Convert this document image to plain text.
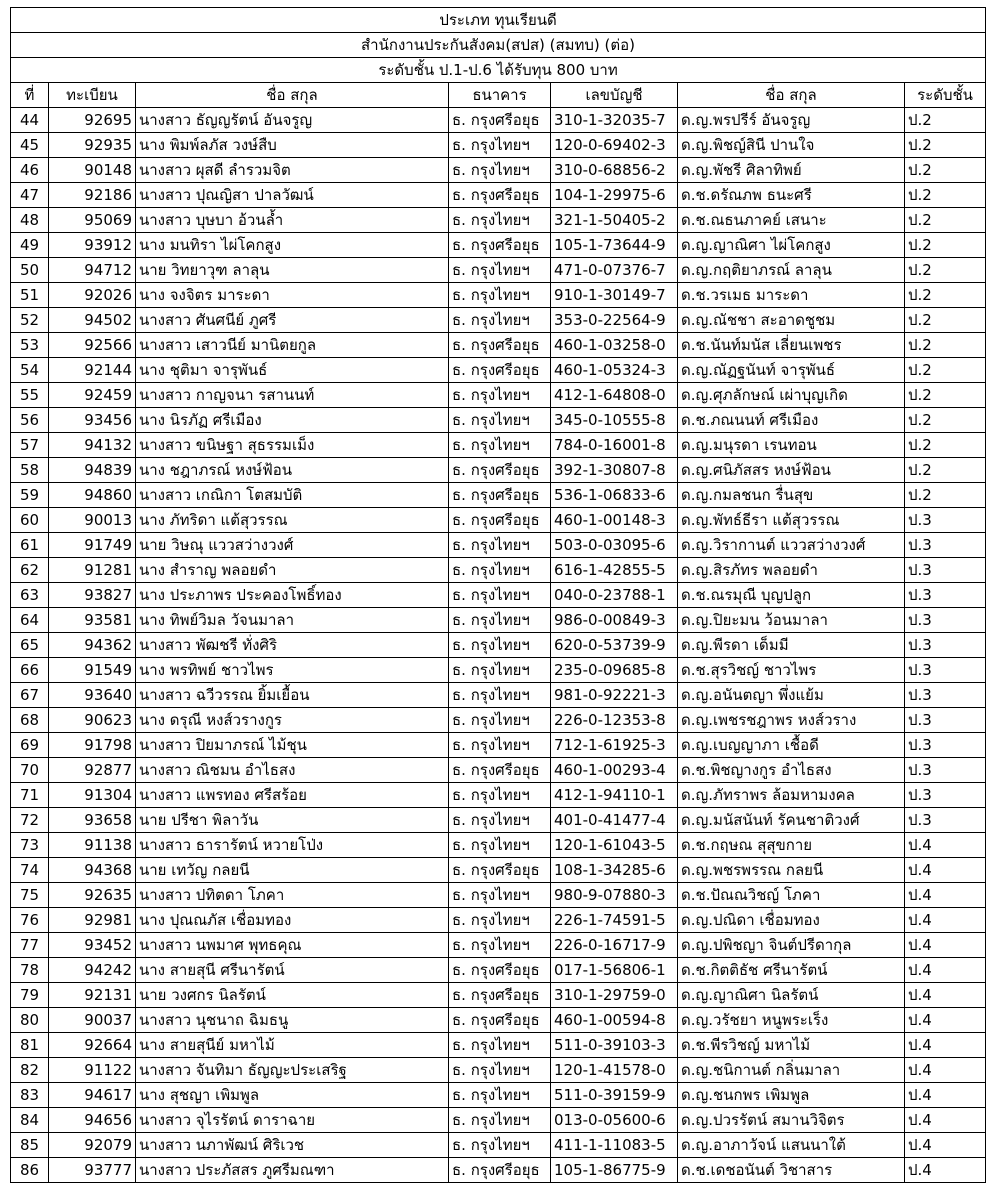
ประเภท ทุนเรียนดี						
สำนักงานประกันสังคม(สปส) (สมทบ) (ต่อ)						
ระดับชั้น ป.1-ป.6 ได้รับทุน 800 บาท						
ที่	ทะเบียน	ชื่อ สกุล	ธนาคาร	เลขบัญชี	ชื่อ สกุล	ระดับชั้น
44	92695	นางสาว ธัญญรัตน์ อันจรูญ	ธ. กรุงศรีอยุธ	310-1-32035-7	ด.ญ.พรปรีร์ อันจรูญ	ป.2
45	92935	นาง พิมพ์ลภัส วงษ์สืบ	ธ. กรุงไทยฯ	120-0-69402-3	ด.ญ.พิชญ์สินี ปานใจ	ป.2
46	90148	นางสาว ผุสดี ลำรวมจิต	ธ. กรุงไทยฯ	310-0-68856-2	ด.ญ.พัชรี ศิลาทิพย์	ป.2
47	92186	นางสาว ปุณญิสา ปาลวัฒน์	ธ. กรุงศรีอยุธ	104-1-29975-6	ด.ช.ดรัณภพ ธนะศรี	ป.2
48	95069	นางสาว บุษบา อ้วนล้ำ	ธ. กรุงไทยฯ	321-1-50405-2	ด.ช.ณธนภาคย์ เสนาะ	ป.2
49	93912	นาง มนทิรา ไผ่โคกสูง	ธ. กรุงศรีอยุธ	105-1-73644-9	ด.ญ.ญาณิศา ไผ่โคกสูง	ป.2
50	94712	นาย วิทยาวุฑ ลาลุน	ธ. กรุงไทยฯ	471-0-07376-7	ด.ญ.กฤติยาภรณ์ ลาลุน	ป.2
51	92026	นาง จงจิตร มาระดา	ธ. กรุงไทยฯ	910-1-30149-7	ด.ช.วรเมธ มาระดา	ป.2
52	94502	นางสาว ศันศนีย์ ภูศรี	ธ. กรุงไทยฯ	353-0-22564-9	ด.ญ.ณัชชา สะอาดชูชม	ป.2
53	92566	นางสาว เสาวนีย์ มานิตยกูล	ธ. กรุงศรีอยุธ	460-1-03258-0	ด.ช.นันท์มนัส เลี่ยนเพชร	ป.2
54	92144	นาง ชุติมา จารุพันธ์	ธ. กรุงศรีอยุธ	460-1-05324-3	ด.ญ.ณัฏฐนันท์ จารุพันธ์	ป.2
55	92459	นางสาว กาญจนา รสานนท์	ธ. กรุงไทยฯ	412-1-64808-0	ด.ญ.ศุภลักษณ์ เผ่าบุญเกิด	ป.2
56	93456	นาง นิรภัฏ ศรีเมือง	ธ. กรุงไทยฯ	345-0-10555-8	ด.ช.ภณนนท์ ศรีเมือง	ป.2
57	94132	นางสาว ขนิษฐา สุธรรมเม็ง	ธ. กรุงไทยฯ	784-0-16001-8	ด.ญ.มนุรดา เรนทอน	ป.2
58	94839	นาง ชฎาภรณ์ หงษ์ฟ้อน	ธ. กรุงศรีอยุธ	392-1-30807-8	ด.ญ.ศนิภัสสร หงษ์ฟ้อน	ป.2
59	94860	นางสาว เกณิกา โตสมบัติ	ธ. กรุงศรีอยุธ	536-1-06833-6	ด.ญ.กมลชนก รื่นสุข	ป.2
60	90013	นาง ภัทริดา แต้สุวรรณ	ธ. กรุงศรีอยุธ	460-1-00148-3	ด.ญ.พัทธ์ธีรา แต้สุวรรณ	ป.3
61	91749	นาย วิษณุ แววสว่างวงศ์	ธ. กรุงไทยฯ	503-0-03095-6	ด.ญ.วิรากานต์ แววสว่างวงศ์	ป.3
62	91281	นาง สำราญ พลอยดำ	ธ. กรุงไทยฯ	616-1-42855-5	ด.ญ.สิรภัทร พลอยดำ	ป.3
63	93827	นาง ประภาพร ประคองโพธิ์ทอง	ธ. กรุงไทยฯ	040-0-23788-1	ด.ช.ณรมุณี บุญปลูก	ป.3
64	93581	นาง ทิพย์วิมล วัจนมาลา	ธ. กรุงไทยฯ	986-0-00849-3	ด.ญ.ปิยะมน ว้อนมาลา	ป.3
65	94362	นางสาว พัฒชรี ทั่งศิริ	ธ. กรุงไทยฯ	620-0-53739-9	ด.ญ.พีรดา เด็มมี	ป.3
66	91549	นาง พรทิพย์ ชาวไพร	ธ. กรุงไทยฯ	235-0-09685-8	ด.ช.สุรวิชญ์ ชาวไพร	ป.3
67	93640	นางสาว ฉวีวรรณ ยิ้มเยื้อน	ธ. กรุงไทยฯ	981-0-92221-3	ด.ญ.อนันตญา พึ่งแย้ม	ป.3
68	90623	นาง ดรุณี หงส์วรางกูร	ธ. กรุงไทยฯ	226-0-12353-8	ด.ญ.เพชรชฎาพร หงส์วราง	ป.3
69	91798	นางสาว ปิยมาภรณ์ ไม้ชุน	ธ. กรุงไทยฯ	712-1-61925-3	ด.ญ.เบญญาภา เชื้อดี	ป.3
70	92877	นางสาว ณิชมน อำไธสง	ธ. กรุงศรีอยุธ	460-1-00293-4	ด.ช.พิชญางกูร อำไธสง	ป.3
71	91304	นางสาว แพรทอง ศรีสร้อย	ธ. กรุงไทยฯ	412-1-94110-1	ด.ญ.ภัทราพร ล้อมหามงคล	ป.3
72	93658	นาย ปรีชา พิลาวัน	ธ. กรุงไทยฯ	401-0-41477-4	ด.ญ.มนัสนันท์ รัคนชาติวงศ์	ป.3
73	91138	นางสาว ธารารัตน์ หวายโป่ง	ธ. กรุงไทยฯ	120-1-61043-5	ด.ช.กฤษณ สุสุขกาย	ป.4
74	94368	นาย เทวัญ กลยนี	ธ. กรุงศรีอยุธ	108-1-34285-6	ด.ญ.พชรพรรณ กลยนี	ป.4
75	92635	นางสาว ปทิตดา โภคา	ธ. กรุงไทยฯ	980-9-07880-3	ด.ช.ปัณณวิชญ์ โภคา	ป.4
76	92981	นาง ปุณณภัส เชื่อมทอง	ธ. กรุงไทยฯ	226-1-74591-5	ด.ญ.ปณิดา เชื่อมทอง	ป.4
77	93452	นางสาว นพมาศ พุทธคุณ	ธ. กรุงไทยฯ	226-0-16717-9	ด.ญ.ปพิชญา จินต์ปรีดากุล	ป.4
78	94242	นาง สายสุนี ศรีนารัตน์	ธ. กรุงศรีอยุธ	017-1-56806-1	ด.ช.กิตติธัช ศรีนารัตน์	ป.4
79	92131	นาย วงศกร นิลรัตน์	ธ. กรุงศรีอยุธ	310-1-29759-0	ด.ญ.ญาณิศา นิลรัตน์	ป.4
80	90037	นางสาว นุชนาถ ฉิมธนู	ธ. กรุงศรีอยุธ	460-1-00594-8	ด.ญ.วรัชยา หนูพระเร็ง	ป.4
81	92664	นาง สายสุนีย์ มหาไม้	ธ. กรุงไทยฯ	511-0-39103-3	ด.ช.พีรวิชญ์ มหาไม้	ป.4
82	91122	นางสาว จันทิมา ธัญญะประเสริฐ	ธ. กรุงไทยฯ	120-1-41578-0	ด.ญ.ชนิกานต์ กลิ่นมาลา	ป.4
83	94617	นาง สุชญา เพิมพูล	ธ. กรุงไทยฯ	511-0-39159-9	ด.ญ.ชนกพร เพิมพูล	ป.4
84	94656	นางสาว จุไรรัตน์ ดาราฉาย	ธ. กรุงไทยฯ	013-0-05600-6	ด.ญ.ปวรรัตน์ สมานวิจิตร	ป.4
85	92079	นางสาว นภาพัฒน์ ศิริเวช	ธ. กรุงไทยฯ	411-1-11083-5	ด.ญ.อาภาวัจน์ แสนนาใต้	ป.4
86	93777	นางสาว ประภัสสร ภูศรีมณฑา	ธ. กรุงศรีอยุธ	105-1-86775-9	ด.ช.เดชอนันต์ วิชาสาร	ป.4
